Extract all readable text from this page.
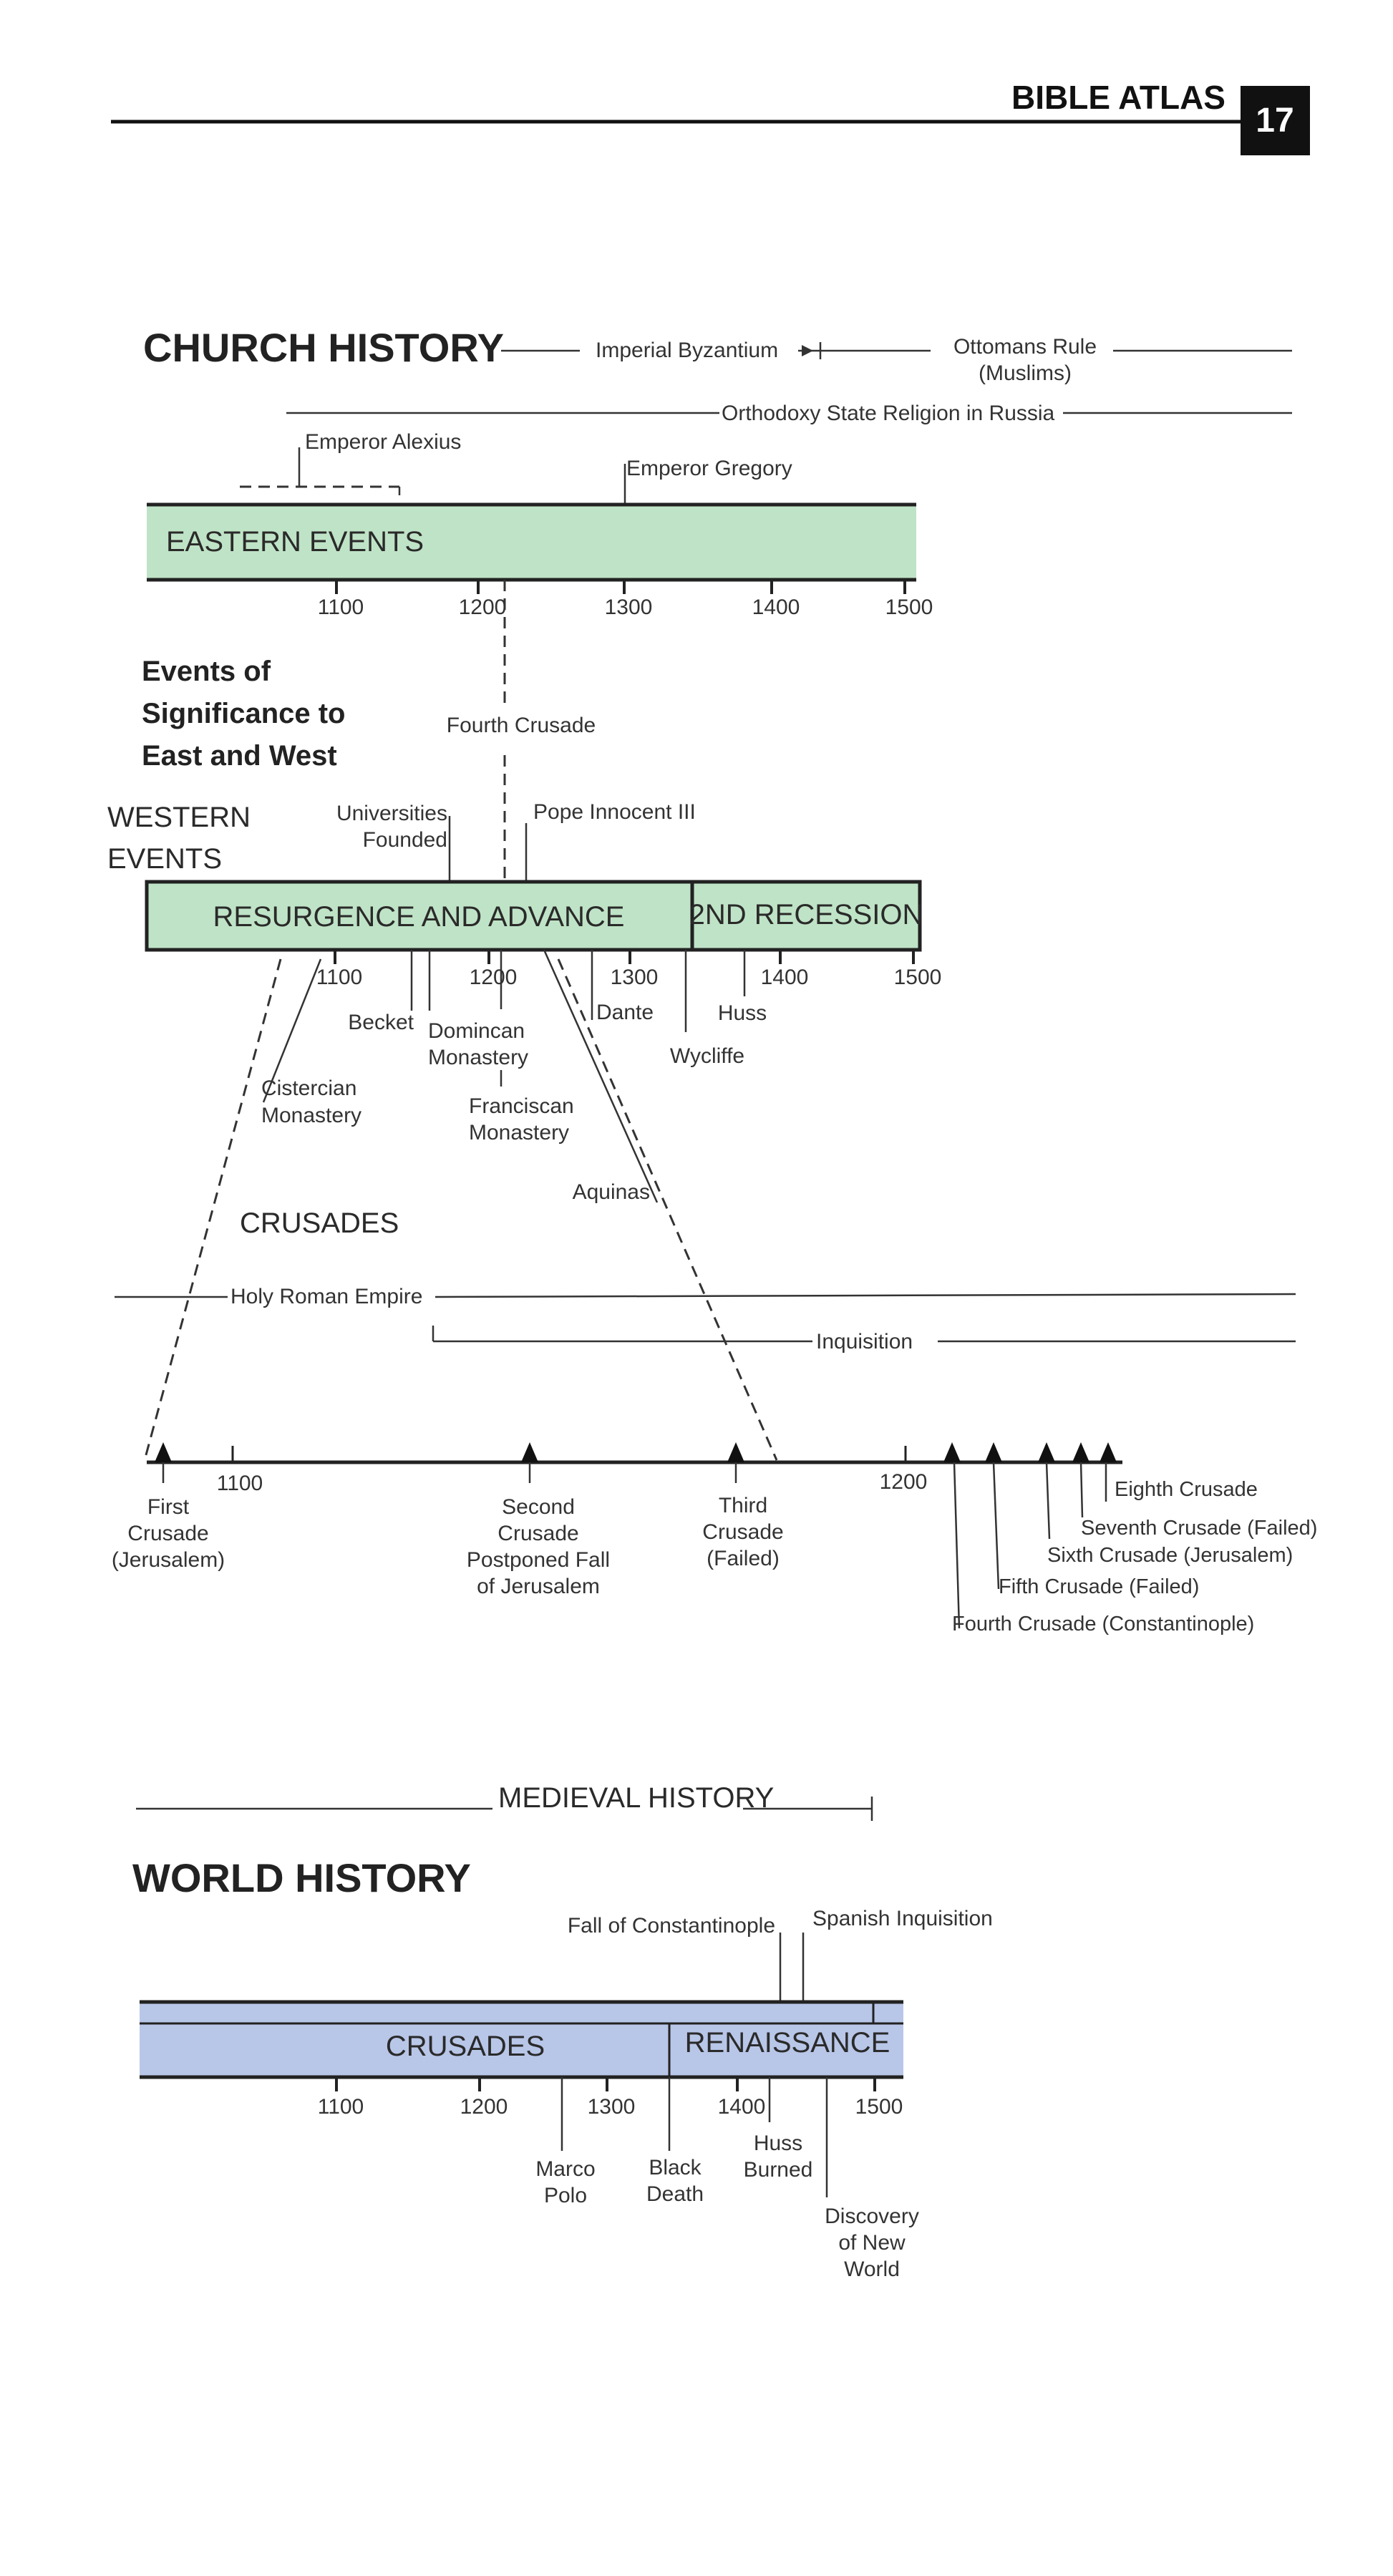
BIBLE ATLAS
17
CHURCH HISTORY	Imperial Byzantium	Ottomans Rule
(Muslims)
Orthodoxy State Religion in Russia
Emperor Alexius
Emperor Gregory
EASTERN EVENTS
1100	1200	1300	1400	1500
Events of
Significance to
East and West
Fourth Crusade
WESTERN
EVENTS
Universities
Founded
Pope Innocent III
RESURGENCE AND ADVANCE 2ND RECESSION
1100	1200	1300	1400	1500
Becket Domincan
Monastery
Franciscan
Monastery
Dante
Wycliffe
Huss
Cistercian
Monastery
Aquinas
CRUSADES
Holy Roman Empire
Inquisition
1100	1200
First
Crusade
(Jerusalem)
Second
Crusade
Postponed Fall
of Jerusalem
Third
Crusade
(Failed)
Fourth Crusade (Constantinople)
Fifth Crusade (Failed)
Sixth Crusade (Jerusalem)
Seventh Crusade (Failed)
Eighth Crusade
MEDIEVAL HISTORY
WORLD HISTORY
Fall of Constantinople Spanish Inquisition
CRUSADES	RENAISSANCE
1100	1200	1300	1400	1500
Marco
Polo
Black
Death
Huss
Burned
Discovery
of New
World
